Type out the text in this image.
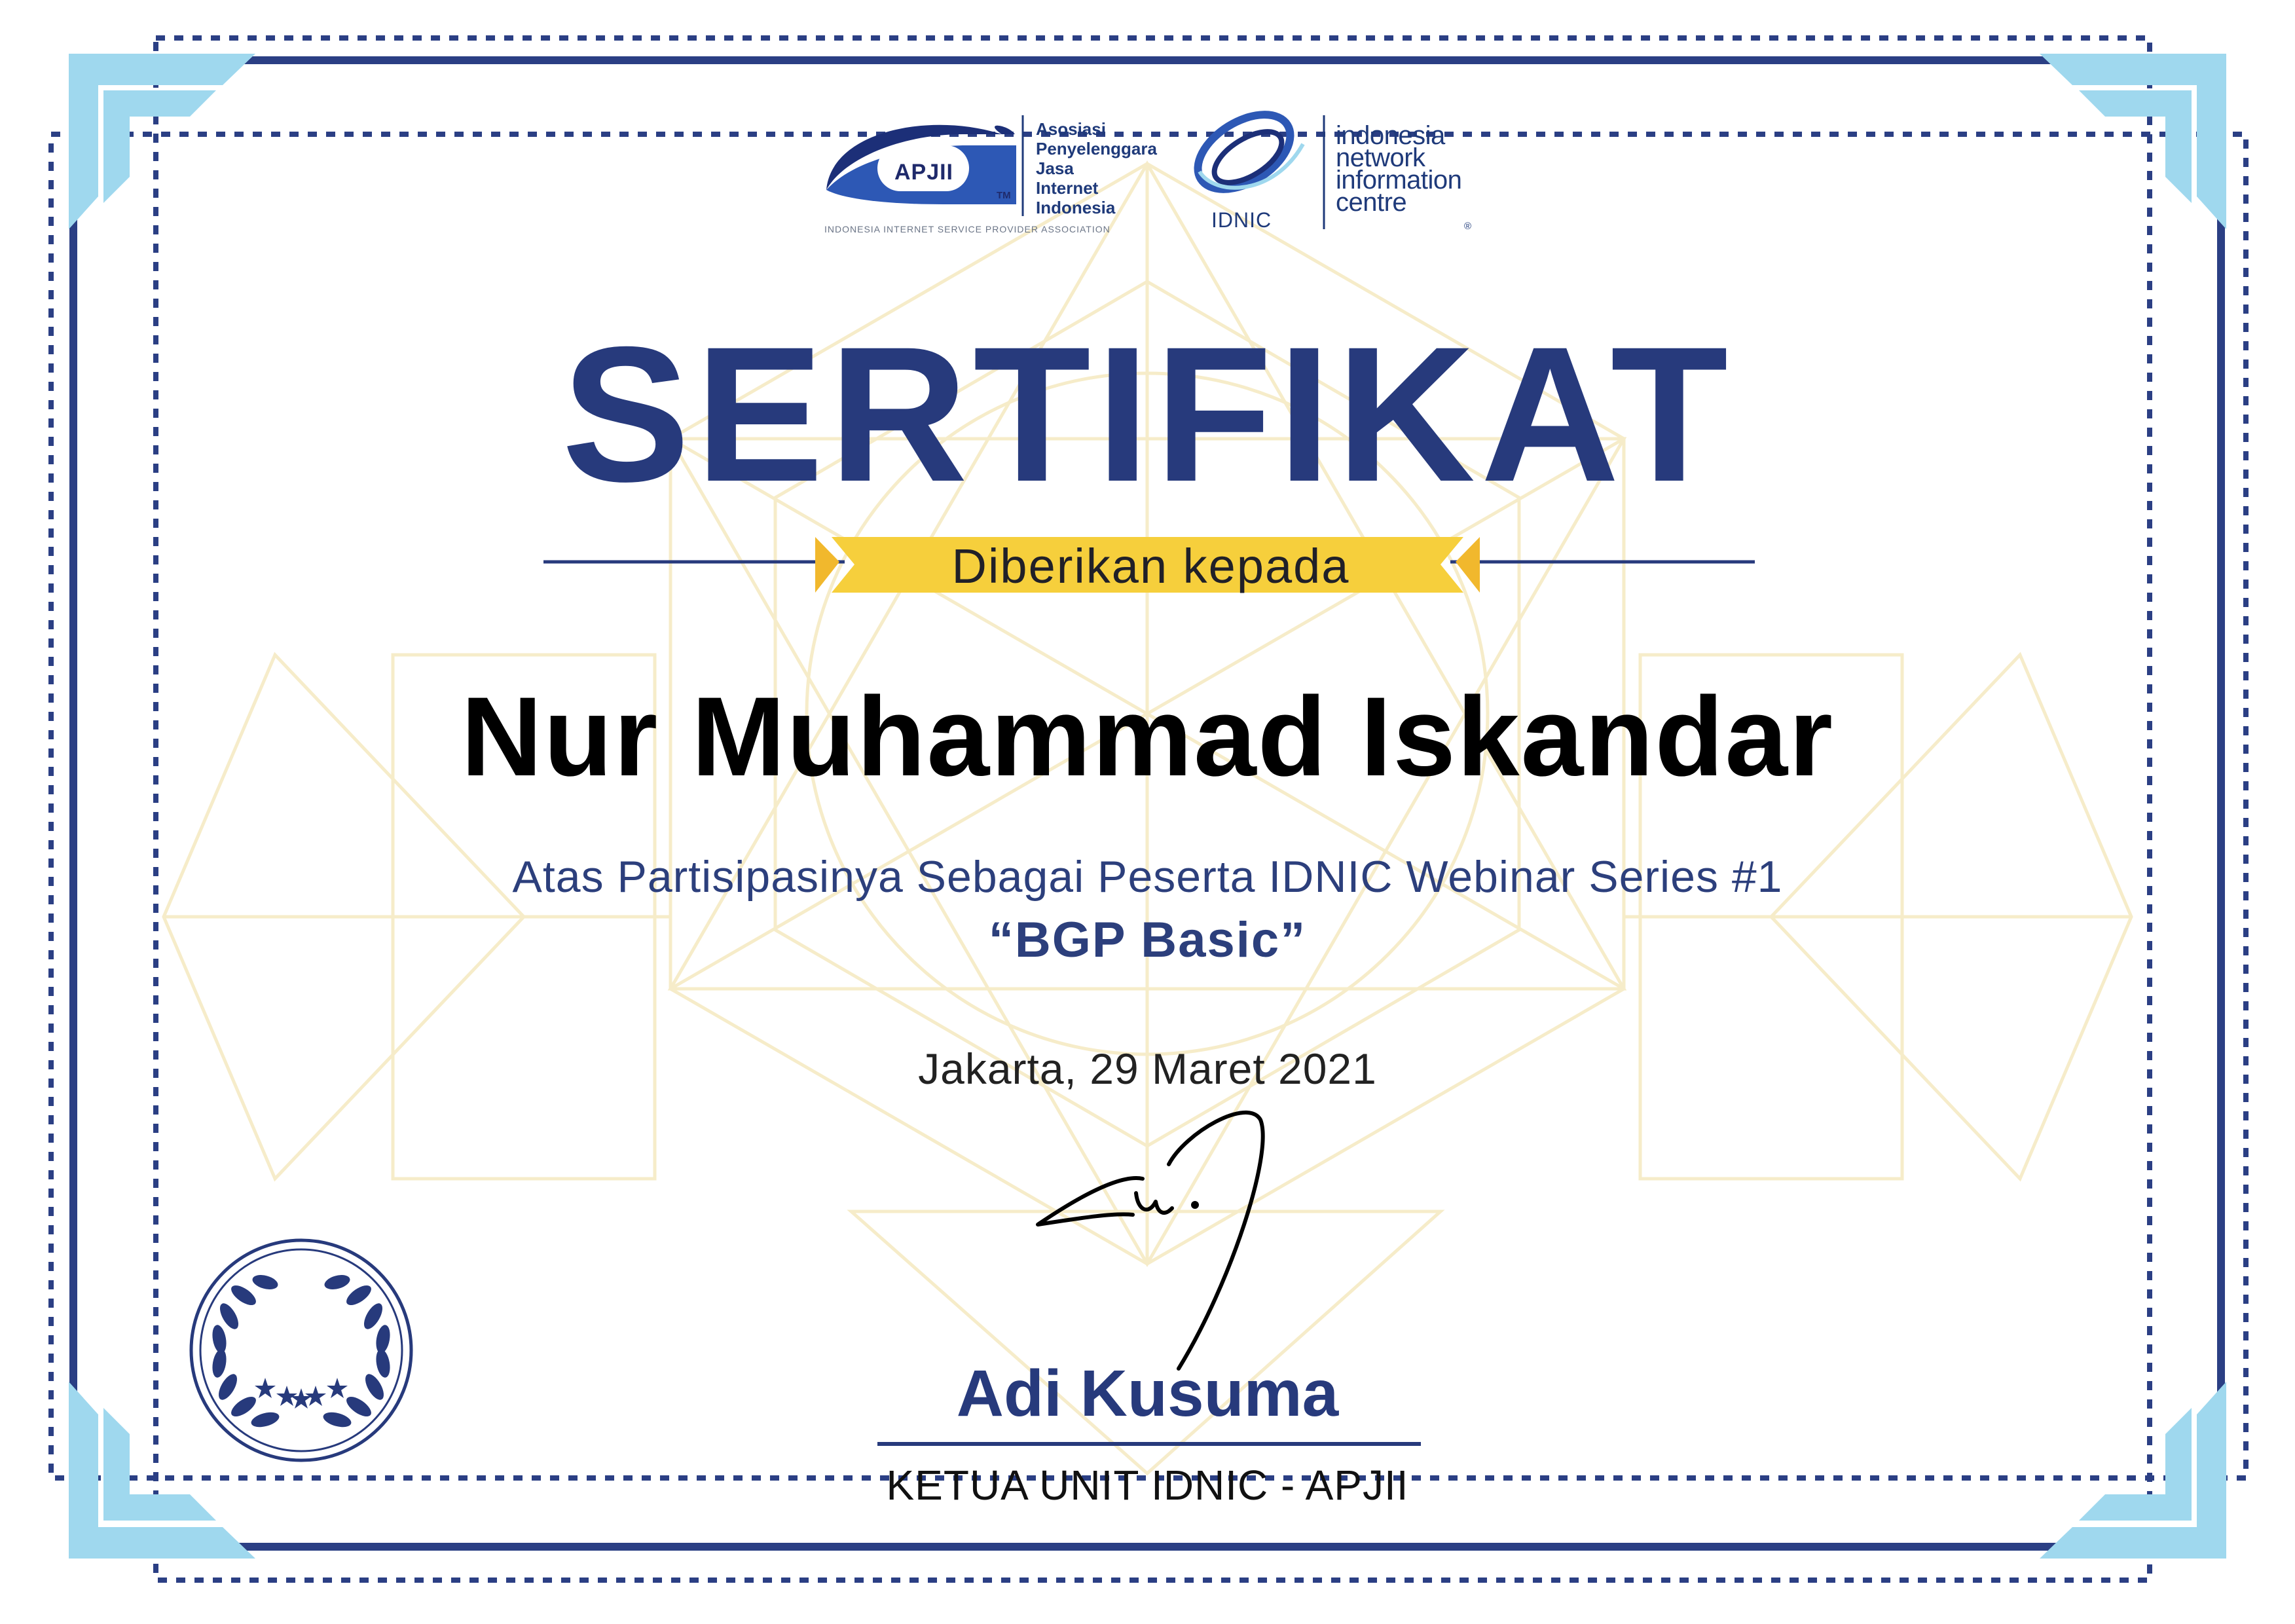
APJII
TM
Asosiasi
Penyelenggara
Jasa
Internet
Indonesia
INDONESIA INTERNET SERVICE PROVIDER ASSOCIATION	IDNIC
indonesia
network
information
centre
®
SERTIFIKAT
Diberikan kepada
Nur Muhammad Iskandar
Atas Partisipasinya Sebagai Peserta IDNIC Webinar Series #1
“BGP Basic”
Jakarta, 29 Maret 2021
Adi Kusuma
KETUA UNIT IDNIC - APJII
